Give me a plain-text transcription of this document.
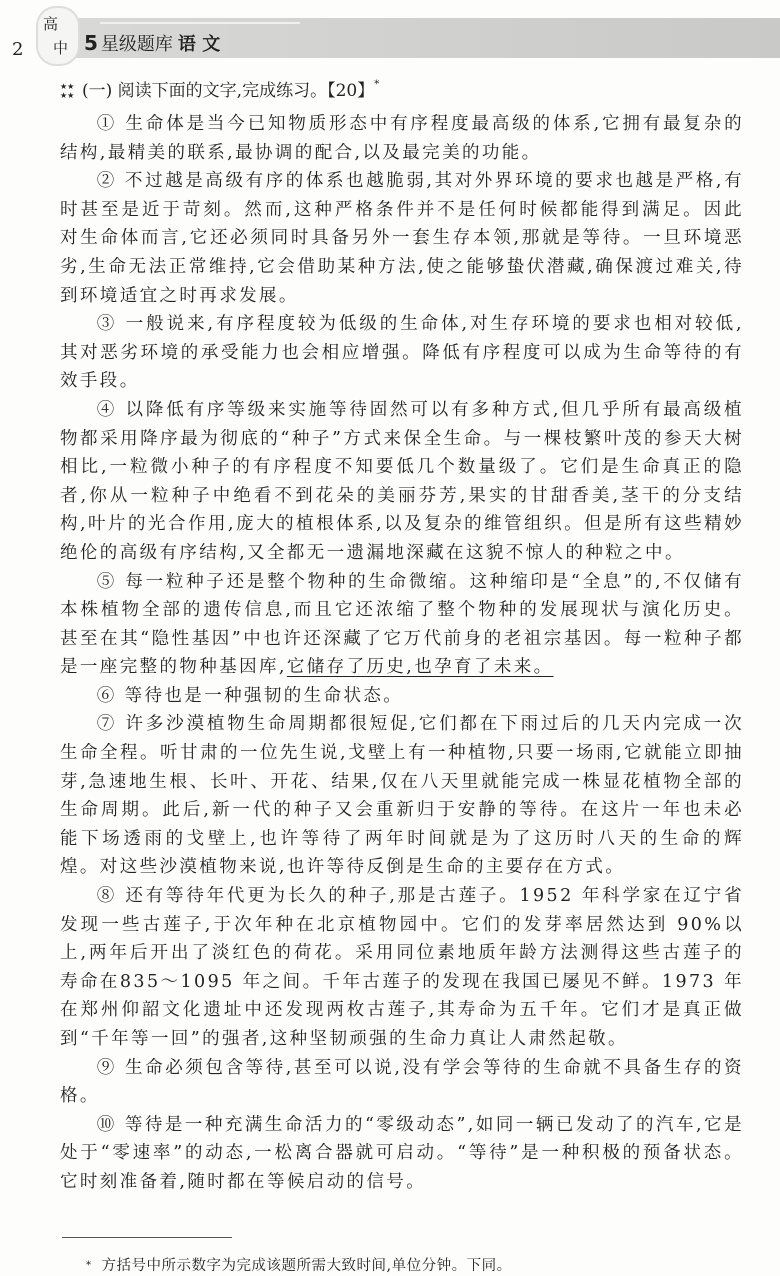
高
中
2	5 星级题库 语 文
★★
★★ (一) 阅读下面的文字,完成练习。【20】*

① 生命体是当今已知物质形态中有序程度最高级的体系,它拥有最复杂的结构,最精美的联系,最协调的配合,以及最完美的功能。

② 不过越是高级有序的体系也越脆弱,其对外界环境的要求也越是严格,有时甚至是近于苛刻。然而,这种严格条件并不是任何时候都能得到满足。因此对生命体而言,它还必须同时具备另外一套生存本领,那就是等待。一旦环境恶劣,生命无法正常维持,它会借助某种方法,使之能够蛰伏潜藏,确保渡过难关,待到环境适宜之时再求发展。

③ 一般说来,有序程度较为低级的生命体,对生存环境的要求也相对较低,其对恶劣环境的承受能力也会相应增强。降低有序程度可以成为生命等待的有效手段。

④ 以降低有序等级来实施等待固然可以有多种方式,但几乎所有最高级植物都采用降序最为彻底的“种子”方式来保全生命。与一棵枝繁叶茂的参天大树相比,一粒微小种子的有序程度不知要低几个数量级了。它们是生命真正的隐者,你从一粒种子中绝看不到花朵的美丽芬芳,果实的甘甜香美,茎干的分支结构,叶片的光合作用,庞大的植根体系,以及复杂的维管组织。但是所有这些精妙绝伦的高级有序结构,又全都无一遗漏地深藏在这貌不惊人的种粒之中。

⑤ 每一粒种子还是整个物种的生命微缩。这种缩印是“全息”的,不仅储有本株植物全部的遗传信息,而且它还浓缩了整个物种的发展现状与演化历史。甚至在其“隐性基因”中也许还深藏了它万代前身的老祖宗基因。每一粒种子都是一座完整的物种基因库,它储存了历史,也孕育了未来。

⑥ 等待也是一种强韧的生命状态。

⑦ 许多沙漠植物生命周期都很短促,它们都在下雨过后的几天内完成一次生命全程。听甘肃的一位先生说,戈壁上有一种植物,只要一场雨,它就能立即抽芽,急速地生根、长叶、开花、结果,仅在八天里就能完成一株显花植物全部的生命周期。此后,新一代的种子又会重新归于安静的等待。在这片一年也未必能下场透雨的戈壁上,也许等待了两年时间就是为了这历时八天的生命的辉煌。对这些沙漠植物来说,也许等待反倒是生命的主要存在方式。

⑧ 还有等待年代更为长久的种子,那是古莲子。1952 年科学家在辽宁省发现一些古莲子,于次年种在北京植物园中。它们的发芽率居然达到 90%以上,两年后开出了淡红色的荷花。采用同位素地质年龄方法测得这些古莲子的寿命在835～1095 年之间。千年古莲子的发现在我国已屡见不鲜。1973 年在郑州仰韶文化遗址中还发现两枚古莲子,其寿命为五千年。它们才是真正做到“千年等一回”的强者,这种坚韧顽强的生命力真让人肃然起敬。

⑨ 生命必须包含等待,甚至可以说,没有学会等待的生命就不具备生存的资格。

⑩ 等待是一种充满生命活力的“零级动态”,如同一辆已发动了的汽车,它是处于“零速率”的动态,一松离合器就可启动。“等待”是一种积极的预备状态。它时刻准备着,随时都在等候启动的信号。

* 方括号中所示数字为完成该题所需大致时间,单位分钟。下同。
